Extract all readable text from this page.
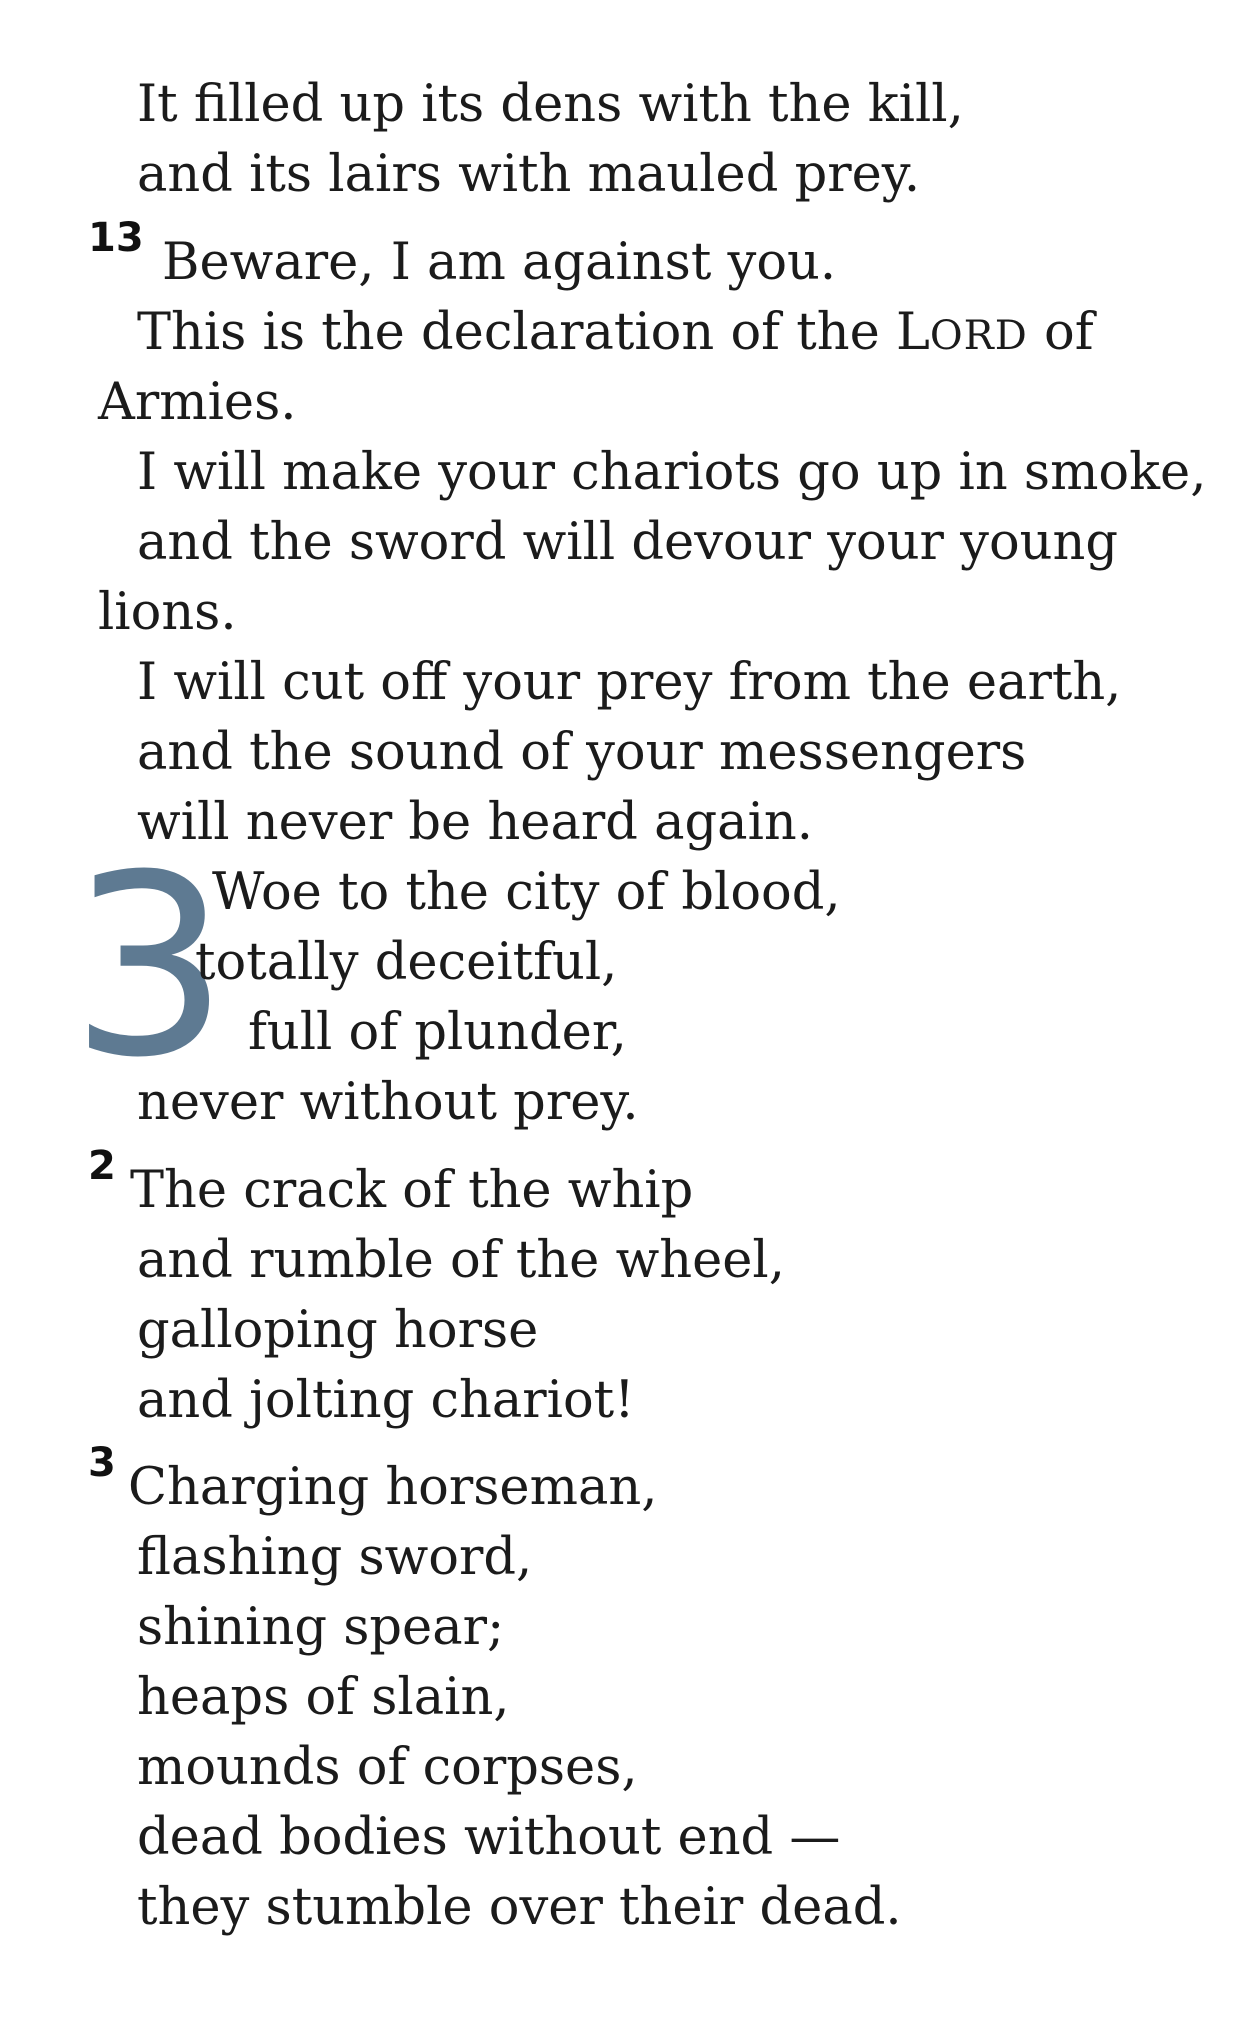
It filled up its dens with the kill,
and its lairs with mauled prey.
13 Beware, I am against you.
This is the declaration of the LORD of
Armies.
I will make your chariots go up in smoke,
and the sword will devour your young
lions.
I will cut off your prey from the earth,
and the sound of your messengers
will never be heard again.
3
Woe to the city of blood,
totally deceitful,
full of plunder,
never without prey.
2 The crack of the whip
and rumble of the wheel,
galloping horse
and jolting chariot!
3 Charging horseman,
flashing sword,
shining spear;
heaps of slain,
mounds of corpses,
dead bodies without end —
they stumble over their dead.
